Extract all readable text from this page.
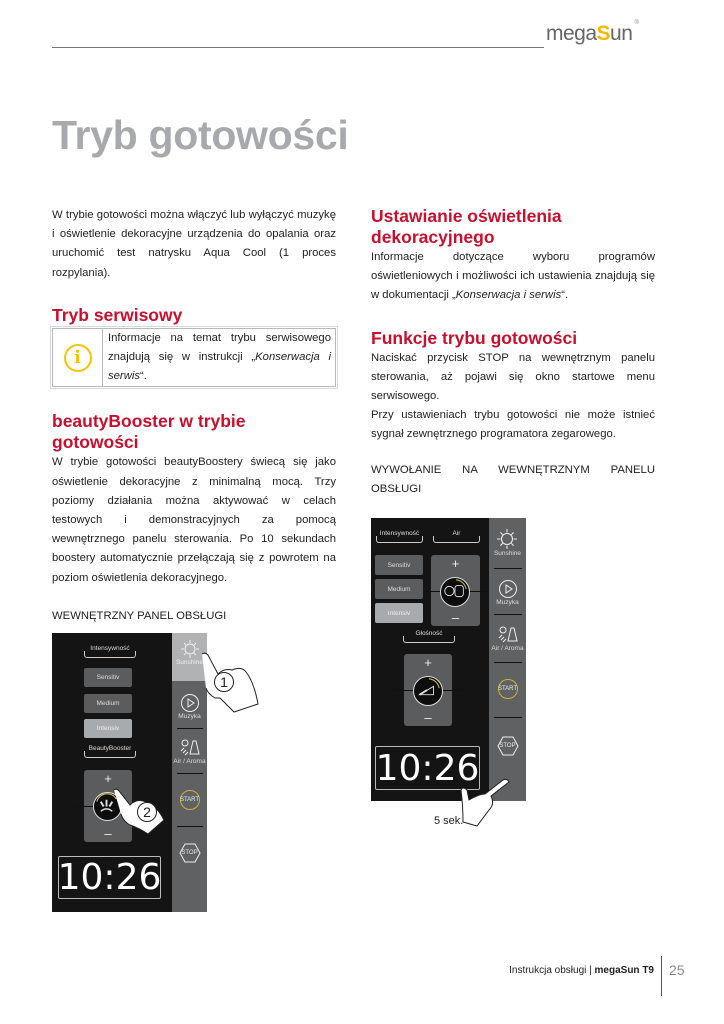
megaSun ®
Tryb gotowości

W trybie gotowości można włączyć lub wyłączyć muzykę i oświetlenie dekoracyjne urządzenia do opalania oraz uruchomić test natrysku Aqua Cool (1 proces rozpylania).

Tryb serwisowy
i
Informacje na temat trybu serwisowego znajdują się w instrukcji „Konserwacja i serwis“.
beautyBooster w trybie gotowości

W trybie gotowości beautyBoostery świecą się jako oświetlenie dekoracyjne z minimalną mocą. Trzy poziomy działania można aktywować w celach testowych i demonstracyjnych za pomocą wewnętrznego panelu sterowania. Po 10 sekundach boostery automatycznie przełączają się z powrotem na poziom oświetlenia dekoracyjnego.

WEWNĘTRZNY PANEL OBSŁUGI

Ustawianie oświetlenia dekoracyjnego

Informacje dotyczące wyboru programów oświetleniowych i możliwości ich ustawienia znajdują się w dokumentacji „Konserwacja i serwis“.

Funkcje trybu gotowości

Naciskać przycisk STOP na wewnętrznym panelu sterowania, aż pojawi się okno startowe menu serwisowego.

Przy ustawieniach trybu gotowości nie może istnieć sygnał zewnętrznego programatora zegarowego.

WYWOŁANIE NA WEWNĘTRZNYM PANELU OBSŁUGI

Intensywność
Sensitiv
Medium
Intensiv
BeautyBooster
+
–
10:26
Sunshine
Muzyka
Air / Aroma
START
STOP
1
2
Intensywność	Air
Sensitiv
Medium
Intensiv
+
–
Głośność
+
–
10:26
Sunshine
Muzyka
Air / Aroma
START
STOP
5 sek.
Instrukcja obsługi | megaSun T9 25
